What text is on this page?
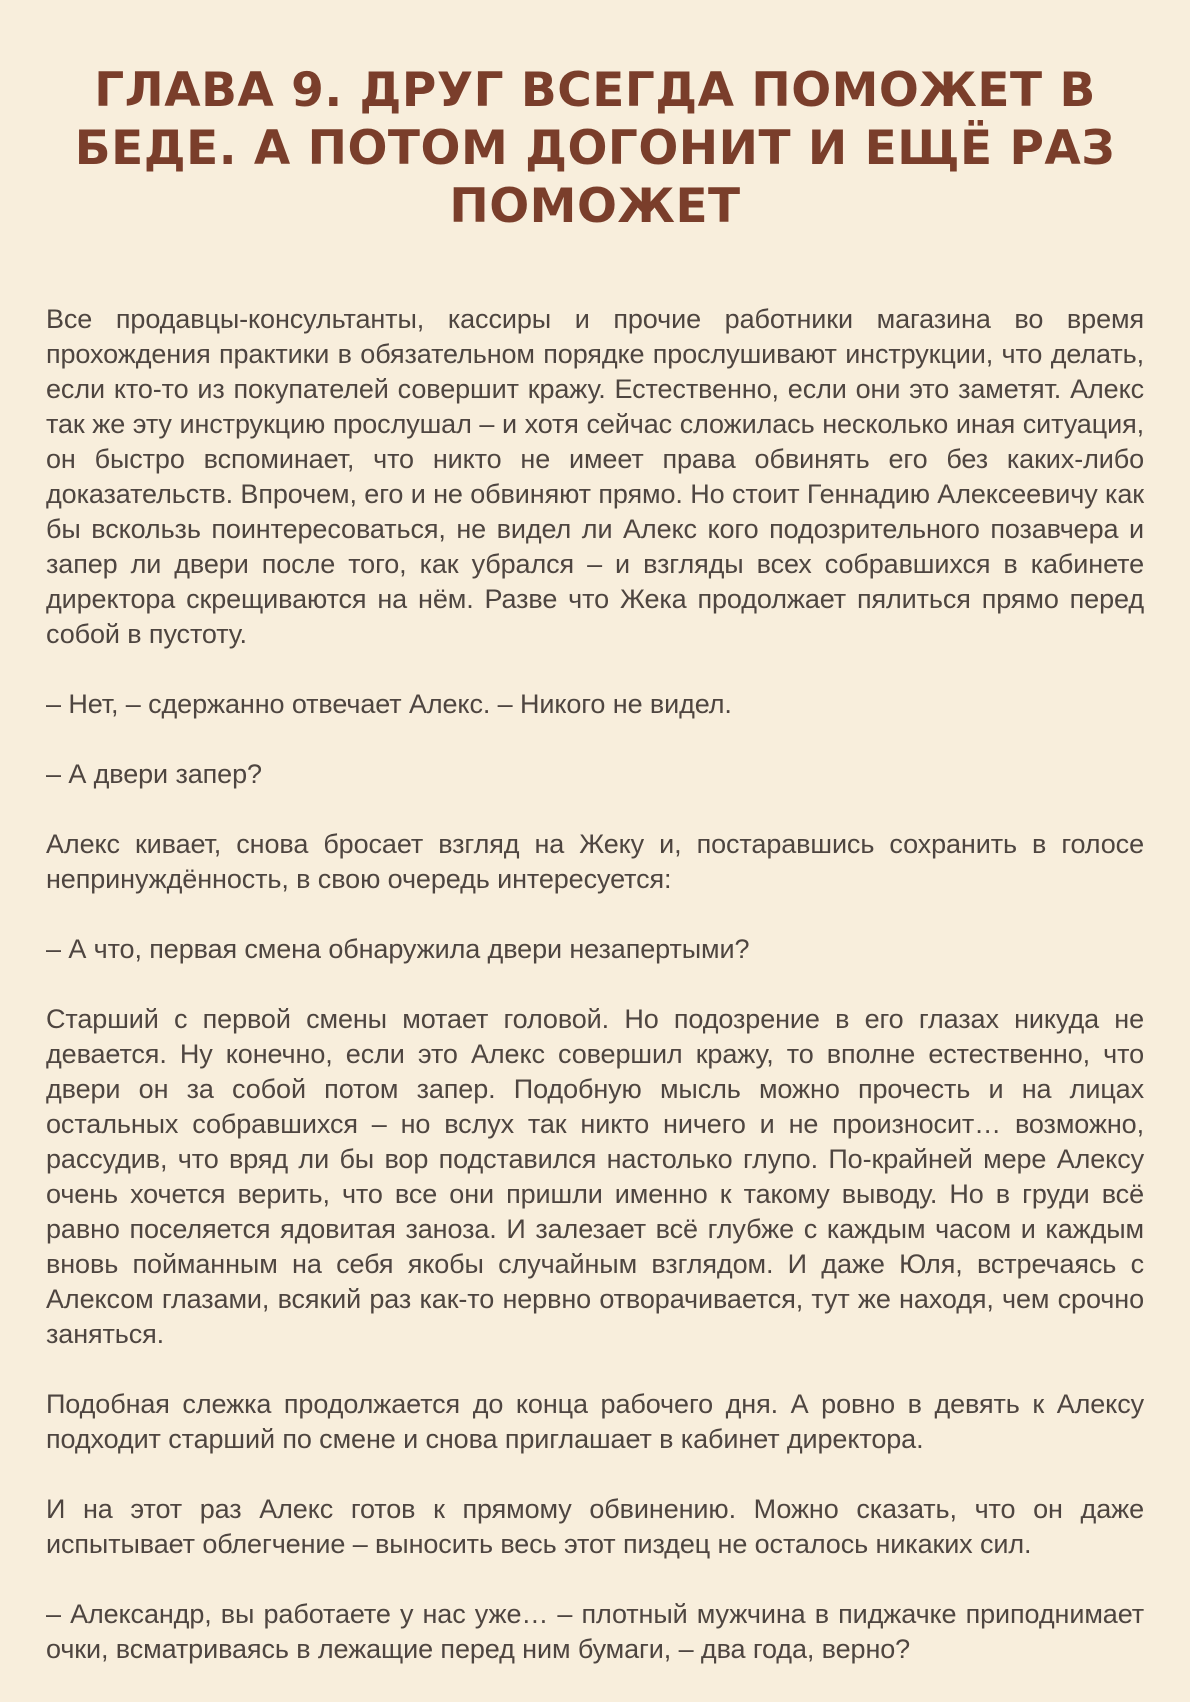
ГЛАВА 9. ДРУГ ВСЕГДА ПОМОЖЕТ В БЕДЕ. А ПОТОМ ДОГОНИТ И ЕЩЁ РАЗ ПОМОЖЕТ

Все продавцы-консультанты, кассиры и прочие работники магазина во время прохождения практики в обязательном порядке прослушивают инструкции, что делать, если кто-то из покупателей совершит кражу. Естественно, если они это заметят. Алекс так же эту инструкцию прослушал – и хотя сейчас сложилась несколько иная ситуация, он быстро вспоминает, что никто не имеет права обвинять его без каких-либо доказательств. Впрочем, его и не обвиняют прямо. Но стоит Геннадию Алексеевичу как бы вскользь поинтересоваться, не видел ли Алекс кого подозрительного позавчера и запер ли двери после того, как убрался – и взгляды всех собравшихся в кабинете директора скрещиваются на нём. Разве что Жека продолжает пялиться прямо перед собой в пустоту.

– Нет, – сдержанно отвечает Алекс. – Никого не видел.

– А двери запер?

Алекс кивает, снова бросает взгляд на Жеку и, постаравшись сохранить в голосе непринуждённость, в свою очередь интересуется:

– А что, первая смена обнаружила двери незапертыми?

Старший с первой смены мотает головой. Но подозрение в его глазах никуда не девается. Ну конечно, если это Алекс совершил кражу, то вполне естественно, что двери он за собой потом запер. Подобную мысль можно прочесть и на лицах остальных собравшихся – но вслух так никто ничего и не произносит… возможно, рассудив, что вряд ли бы вор подставился настолько глупо. По-крайней мере Алексу очень хочется верить, что все они пришли именно к такому выводу. Но в груди всё равно поселяется ядовитая заноза. И залезает всё глубже с каждым часом и каждым вновь пойманным на себя якобы случайным взглядом. И даже Юля, встречаясь с Алексом глазами, всякий раз как-то нервно отворачивается, тут же находя, чем срочно заняться.

Подобная слежка продолжается до конца рабочего дня. А ровно в девять к Алексу подходит старший по смене и снова приглашает в кабинет директора.

И на этот раз Алекс готов к прямому обвинению. Можно сказать, что он даже испытывает облегчение – выносить весь этот пиздец не осталось никаких сил.

– Александр, вы работаете у нас уже… – плотный мужчина в пиджачке приподнимает очки, всматриваясь в лежащие перед ним бумаги, – два года, верно?
